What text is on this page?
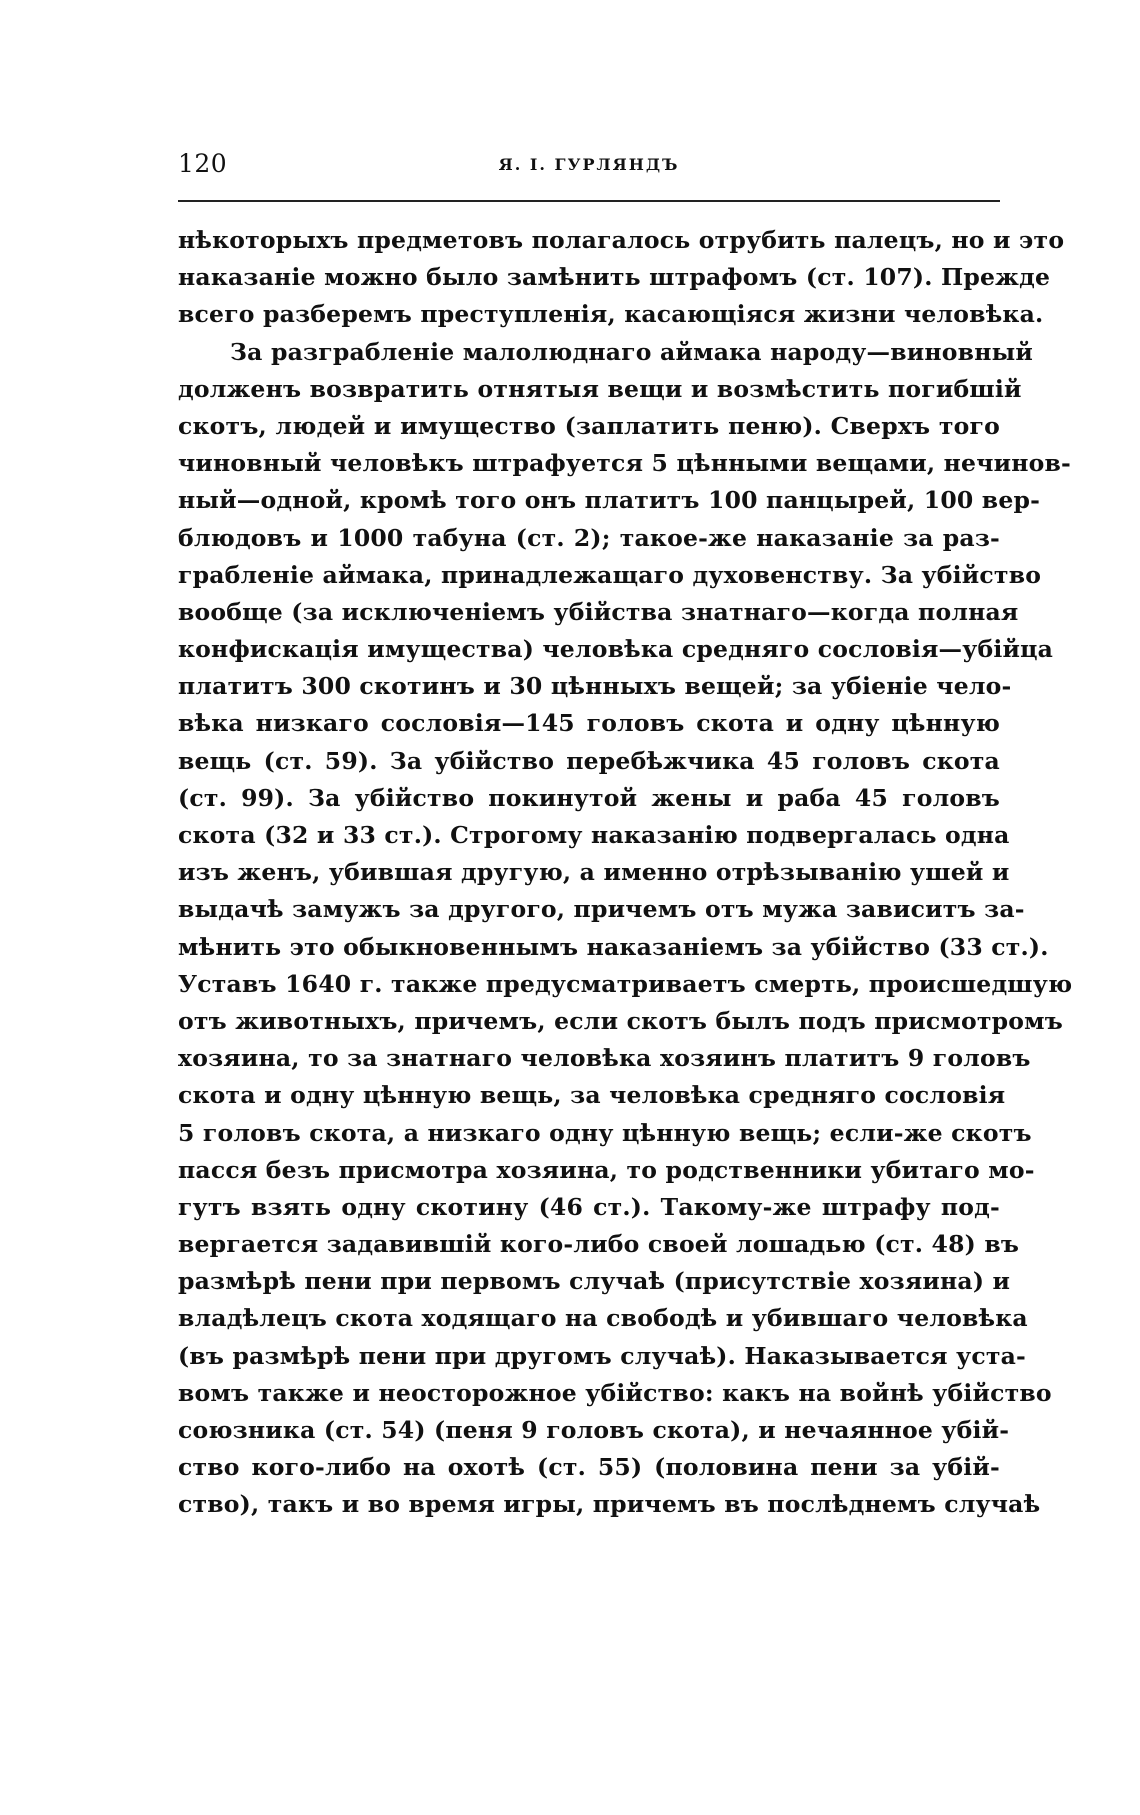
120	Я. І. ГУРЛЯНДЪ
нѣкоторыхъ предметовъ полагалось отрубить палецъ, но и это
наказаніе можно было замѣнить штрафомъ (ст. 107). Прежде
всего разберемъ преступленія, касающіяся жизни человѣка.
За разграбленіе малолюднаго аймака народу—виновный
долженъ возвратить отнятыя вещи и возмѣстить погибшій
скотъ, людей и имущество (заплатить пеню). Сверхъ того
чиновный человѣкъ штрафуется 5 цѣнными вещами, нечинов-
ный—одной, кромѣ того онъ платитъ 100 панцырей, 100 вер-
блюдовъ и 1000 табуна (ст. 2); такое-же наказаніе за раз-
грабленіе аймака, принадлежащаго духовенству. За убійство
вообще (за исключеніемъ убійства знатнаго—когда полная
конфискація имущества) человѣка средняго сословія—убійца
платитъ 300 скотинъ и 30 цѣнныхъ вещей; за убіеніе чело-
вѣка низкаго сословія—145 головъ скота и одну цѣнную
вещь (ст. 59). За убійство перебѣжчика 45 головъ скота
(ст. 99). За убійство покинутой жены и раба 45 головъ
скота (32 и 33 ст.). Строгому наказанію подвергалась одна
изъ женъ, убившая другую, а именно отрѣзыванію ушей и
выдачѣ замужъ за другого, причемъ отъ мужа зависитъ за-
мѣнить это обыкновеннымъ наказаніемъ за убійство (33 ст.).
Уставъ 1640 г. также предусматриваетъ смерть, происшедшую
отъ животныхъ, причемъ, если скотъ былъ подъ присмотромъ
хозяина, то за знатнаго человѣка хозяинъ платитъ 9 головъ
скота и одну цѣнную вещь, за человѣка средняго сословія
5 головъ скота, а низкаго одну цѣнную вещь; если-же скотъ
пасся безъ присмотра хозяина, то родственники убитаго мо-
гутъ взять одну скотину (46 ст.). Такому-же штрафу под-
вергается задавившій кого-либо своей лошадью (ст. 48) въ
размѣрѣ пени при первомъ случаѣ (присутствіе хозяина) и
владѣлецъ скота ходящаго на свободѣ и убившаго человѣка
(въ размѣрѣ пени при другомъ случаѣ). Наказывается уста-
вомъ также и неосторожное убійство: какъ на войнѣ убійство
союзника (ст. 54) (пеня 9 головъ скота), и нечаянное убій-
ство кого-либо на охотѣ (ст. 55) (половина пени за убій-
ство), такъ и во время игры, причемъ въ послѣднемъ случаѣ
